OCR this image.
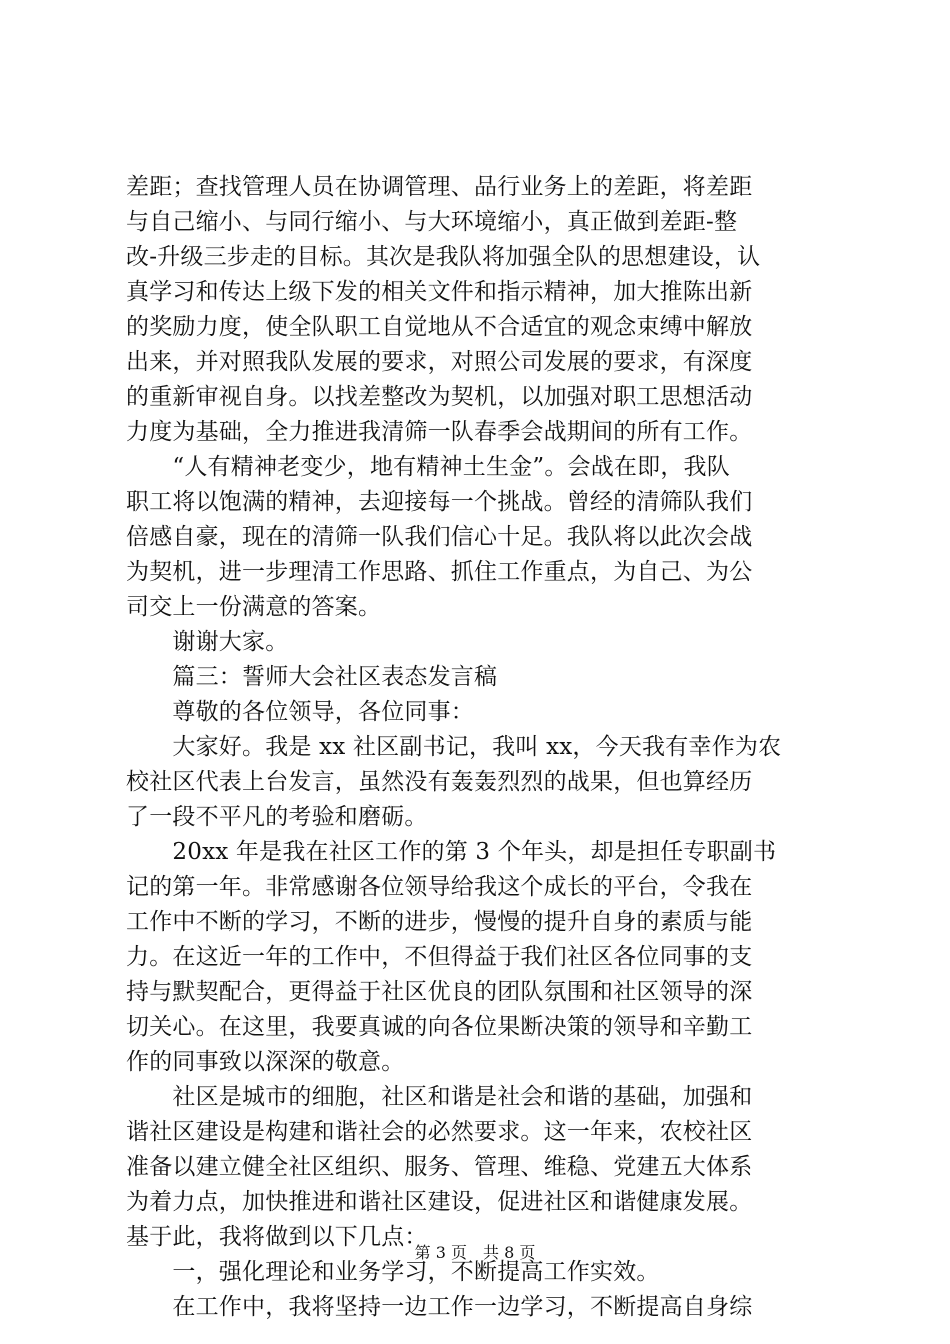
差距；查找管理人员在协调管理、品行业务上的差距，将差距
与自己缩小、与同行缩小、与大环境缩小，真正做到差距-整
改-升级三步走的目标。其次是我队将加强全队的思想建设，认
真学习和传达上级下发的相关文件和指示精神，加大推陈出新
的奖励力度，使全队职工自觉地从不合适宜的观念束缚中解放
出来，并对照我队发展的要求，对照公司发展的要求，有深度
的重新审视自身。以找差整改为契机，以加强对职工思想活动
力度为基础，全力推进我清筛一队春季会战期间的所有工作。
　　“人有精神老变少，地有精神土生金”。会战在即，我队
职工将以饱满的精神，去迎接每一个挑战。曾经的清筛队我们
倍感自豪，现在的清筛一队我们信心十足。我队将以此次会战
为契机，进一步理清工作思路、抓住工作重点，为自己、为公
司交上一份满意的答案。
　　谢谢大家。
　　篇三：誓师大会社区表态发言稿
　　尊敬的各位领导，各位同事：
　　大家好。我是 xx 社区副书记，我叫 xx，今天我有幸作为农
校社区代表上台发言，虽然没有轰轰烈烈的战果，但也算经历
了一段不平凡的考验和磨砺。
　　20xx 年是我在社区工作的第 3 个年头，却是担任专职副书
记的第一年。非常感谢各位领导给我这个成长的平台，令我在
工作中不断的学习，不断的进步，慢慢的提升自身的素质与能
力。在这近一年的工作中，不但得益于我们社区各位同事的支
持与默契配合，更得益于社区优良的团队氛围和社区领导的深
切关心。在这里，我要真诚的向各位果断决策的领导和辛勤工
作的同事致以深深的敬意。
　　社区是城市的细胞，社区和谐是社会和谐的基础，加强和
谐社区建设是构建和谐社会的必然要求。这一年来，农校社区
准备以建立健全社区组织、服务、管理、维稳、党建五大体系
为着力点，加快推进和谐社区建设，促进社区和谐健康发展。
基于此，我将做到以下几点：
　　一，强化理论和业务学习，不断提高工作实效。
　　在工作中，我将坚持一边工作一边学习，不断提高自身综
第 3 页　共 8 页
